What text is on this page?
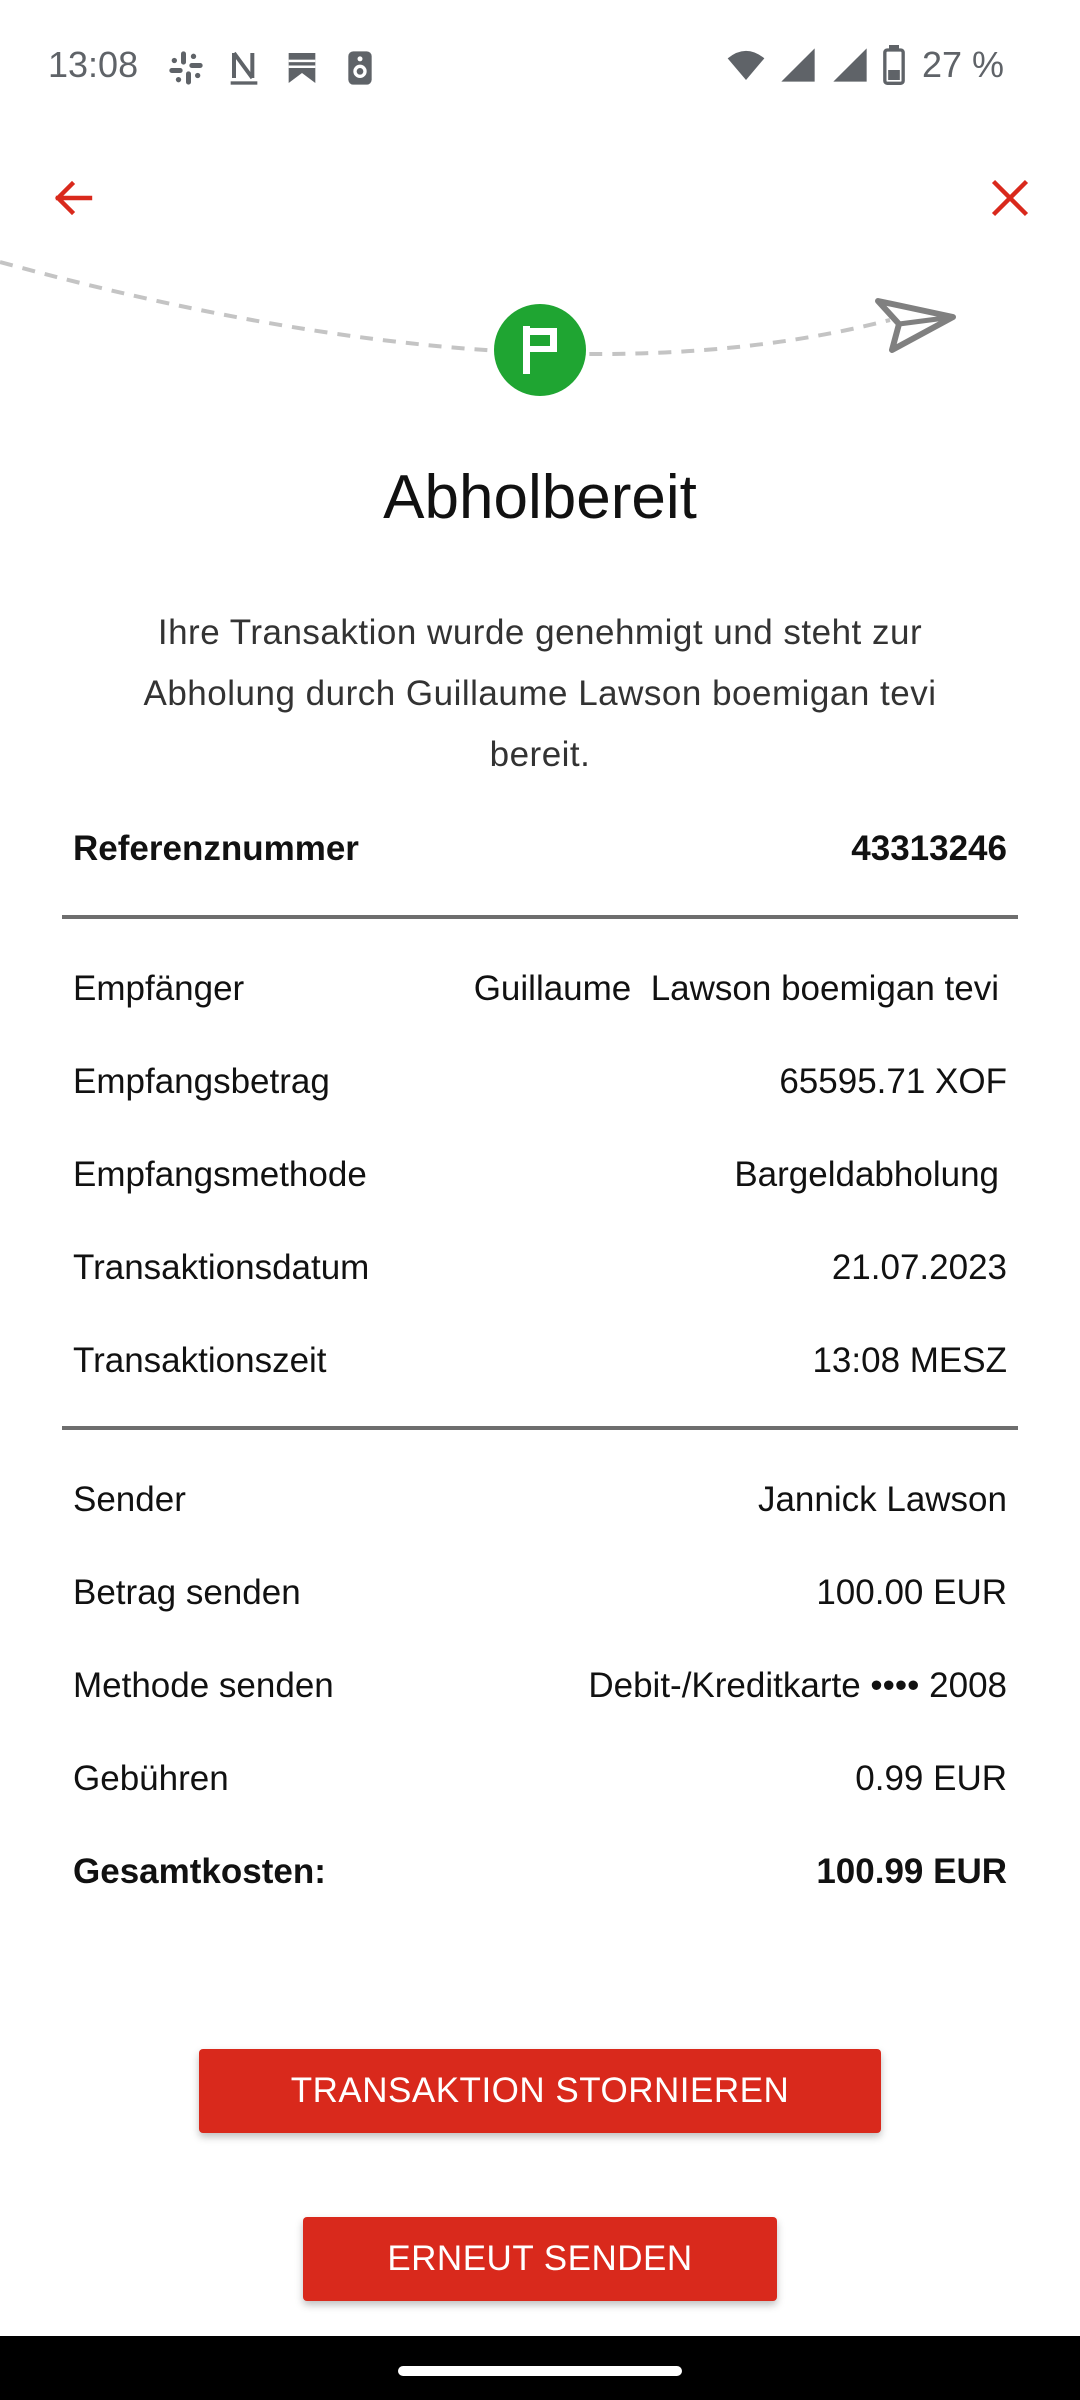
13:08	27 %
Abholbereit
Ihre Transaktion wurde genehmigt und steht zur Abholung durch Guillaume Lawson boemigan tevi bereit.
Referenznummer	43313246
Empfänger	Guillaume  Lawson boemigan tevi
Empfangsbetrag	65595.71 XOF
Empfangsmethode	Bargeldabholung
Transaktionsdatum	21.07.2023
Transaktionszeit	13:08 MESZ
Sender	Jannick Lawson
Betrag senden	100.00 EUR
Methode senden	Debit-/Kreditkarte •••• 2008
Gebühren	0.99 EUR
Gesamtkosten:	100.99 EUR
TRANSAKTION STORNIEREN
ERNEUT SENDEN
